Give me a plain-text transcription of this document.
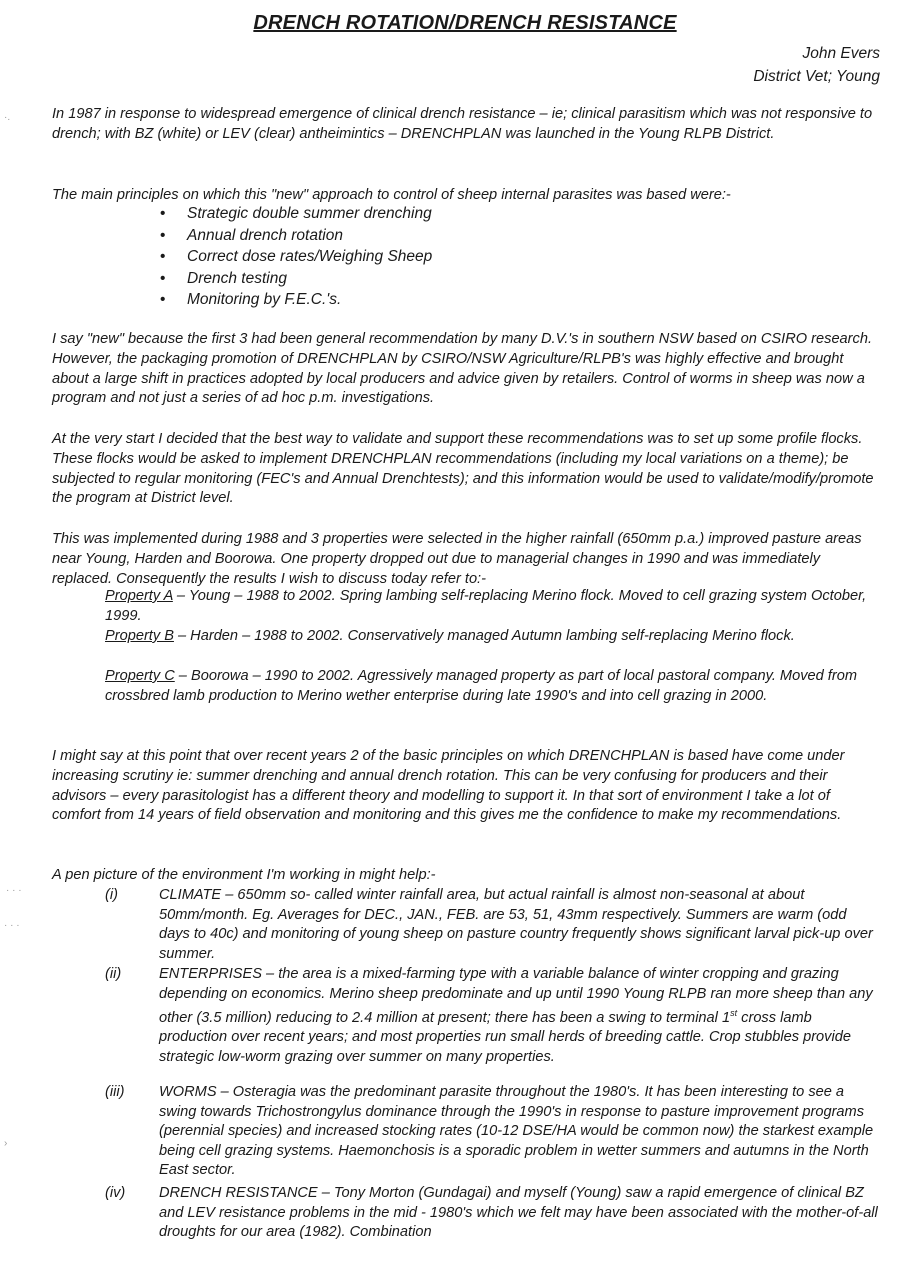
DRENCH ROTATION/DRENCH RESISTANCE
John Evers
District Vet; Young
In 1987 in response to widespread emergence of clinical drench resistance – ie; clinical parasitism which was not responsive to drench; with BZ (white) or LEV (clear) antheimintics – DRENCHPLAN was launched in the Young RLPB District.
The main principles on which this "new" approach to control of sheep internal parasites was based were:-
• Strategic double summer drenching
• Annual drench rotation
• Correct dose rates/Weighing Sheep
• Drench testing
• Monitoring by F.E.C.'s.
I say "new" because the first 3 had been general recommendation by many D.V.'s in southern NSW based on CSIRO research. However, the packaging promotion of DRENCHPLAN by CSIRO/NSW Agriculture/RLPB's was highly effective and brought about a large shift in practices adopted by local producers and advice given by retailers. Control of worms in sheep was now a program and not just a series of ad hoc p.m. investigations.
At the very start I decided that the best way to validate and support these recommendations was to set up some profile flocks. These flocks would be asked to implement DRENCHPLAN recommendations (including my local variations on a theme); be subjected to regular monitoring (FEC's and Annual Drenchtests); and this information would be used to validate/modify/promote the program at District level.
This was implemented during 1988 and 3 properties were selected in the higher rainfall (650mm p.a.) improved pasture areas near Young, Harden and Boorowa. One property dropped out due to managerial changes in 1990 and was immediately replaced. Consequently the results I wish to discuss today refer to:-
Property A – Young – 1988 to 2002. Spring lambing self-replacing Merino flock. Moved to cell grazing system October, 1999.
Property B – Harden – 1988 to 2002. Conservatively managed Autumn lambing self-replacing Merino flock.
Property C – Boorowa – 1990 to 2002. Agressively managed property as part of local pastoral company. Moved from crossbred lamb production to Merino wether enterprise during late 1990's and into cell grazing in 2000.
I might say at this point that over recent years 2 of the basic principles on which DRENCHPLAN is based have come under increasing scrutiny ie: summer drenching and annual drench rotation. This can be very confusing for producers and their advisors – every parasitologist has a different theory and modelling to support it. In that sort of environment I take a lot of comfort from 14 years of field observation and monitoring and this gives me the confidence to make my recommendations.
A pen picture of the environment I'm working in might help:-
(i)	CLIMATE – 650mm so- called winter rainfall area, but actual rainfall is almost non-seasonal at about 50mm/month. Eg. Averages for DEC., JAN., FEB. are 53, 51, 43mm respectively. Summers are warm (odd days to 40c) and monitoring of young sheep on pasture country frequently shows significant larval pick-up over summer.
(ii)	ENTERPRISES – the area is a mixed-farming type with a variable balance of winter cropping and grazing depending on economics. Merino sheep predominate and up until 1990 Young RLPB ran more sheep than any other (3.5 million) reducing to 2.4 million at present; there has been a swing to terminal 1st cross lamb production over recent years; and most properties run small herds of breeding cattle. Crop stubbles provide strategic low-worm grazing over summer on many properties.
(iii)	WORMS – Osteragia was the predominant parasite throughout the 1980's. It has been interesting to see a swing towards Trichostrongylus dominance through the 1990's in response to pasture improvement programs (perennial species) and increased stocking rates (10-12 DSE/HA would be common now) the starkest example being cell grazing systems. Haemonchosis is a sporadic problem in wetter summers and autumns in the North East sector.
(iv)	DRENCH RESISTANCE – Tony Morton (Gundagai) and myself (Young) saw a rapid emergence of clinical BZ and LEV resistance problems in the mid - 1980's which we felt may have been associated with the mother-of-all droughts for our area (1982). Combination
·.
· · ·
· · ·
›
